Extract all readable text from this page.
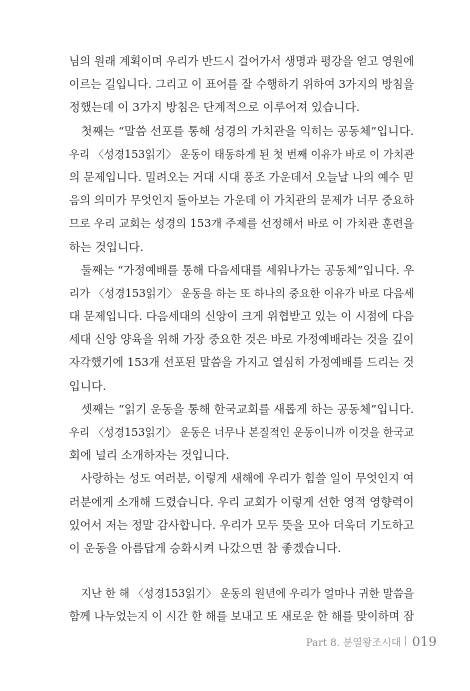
님의 원래 계획이며 우리가 반드시 걸어가서 생명과 평강을 얻고 영원에
이르는 길입니다. 그리고 이 표어를 잘 수행하기 위하여 3가지의 방침을
정했는데 이 3가지 방침은 단계적으로 이루어져 있습니다.
첫째는 “말씀 선포를 통해 성경의 가치관을 익히는 공동체”입니다.
우리 〈성경153읽기〉 운동이 태동하게 된 첫 번째 이유가 바로 이 가치관
의 문제입니다. 밀려오는 거대 시대 풍조 가운데서 오늘날 나의 예수 믿
음의 의미가 무엇인지 돌아보는 가운데 이 가치관의 문제가 너무 중요하
므로 우리 교회는 성경의 153개 주제를 선정해서 바로 이 가치관 훈련을
하는 것입니다.
둘째는 “가정예배를 통해 다음세대를 세워나가는 공동체”입니다. 우
리가 〈성경153읽기〉 운동을 하는 또 하나의 중요한 이유가 바로 다음세
대 문제입니다. 다음세대의 신앙이 크게 위협받고 있는 이 시점에 다음
세대 신앙 양육을 위해 가장 중요한 것은 바로 가정예배라는 것을 깊이
자각했기에 153개 선포된 말씀을 가지고 열심히 가정예배를 드리는 것
입니다.
셋째는 “읽기 운동을 통해 한국교회를 새롭게 하는 공동체”입니다.
우리 〈성경153읽기〉 운동은 너무나 본질적인 운동이니까 이것을 한국교
회에 널리 소개하자는 것입니다.
사랑하는 성도 여러분, 이렇게 새해에 우리가 힘쓸 일이 무엇인지 여
러분에게 소개해 드렸습니다. 우리 교회가 이렇게 선한 영적 영향력이
있어서 저는 정말 감사합니다. 우리가 모두 뜻을 모아 더욱더 기도하고
이 운동을 아름답게 승화시켜 나갔으면 참 좋겠습니다.
지난 한 해 〈성경153읽기〉 운동의 원년에 우리가 얼마나 귀한 말씀을
함께 나누었는지 이 시간 한 해를 보내고 또 새로운 한 해를 맞이하며 잠
Part 8. 분열왕조시대 | 019
